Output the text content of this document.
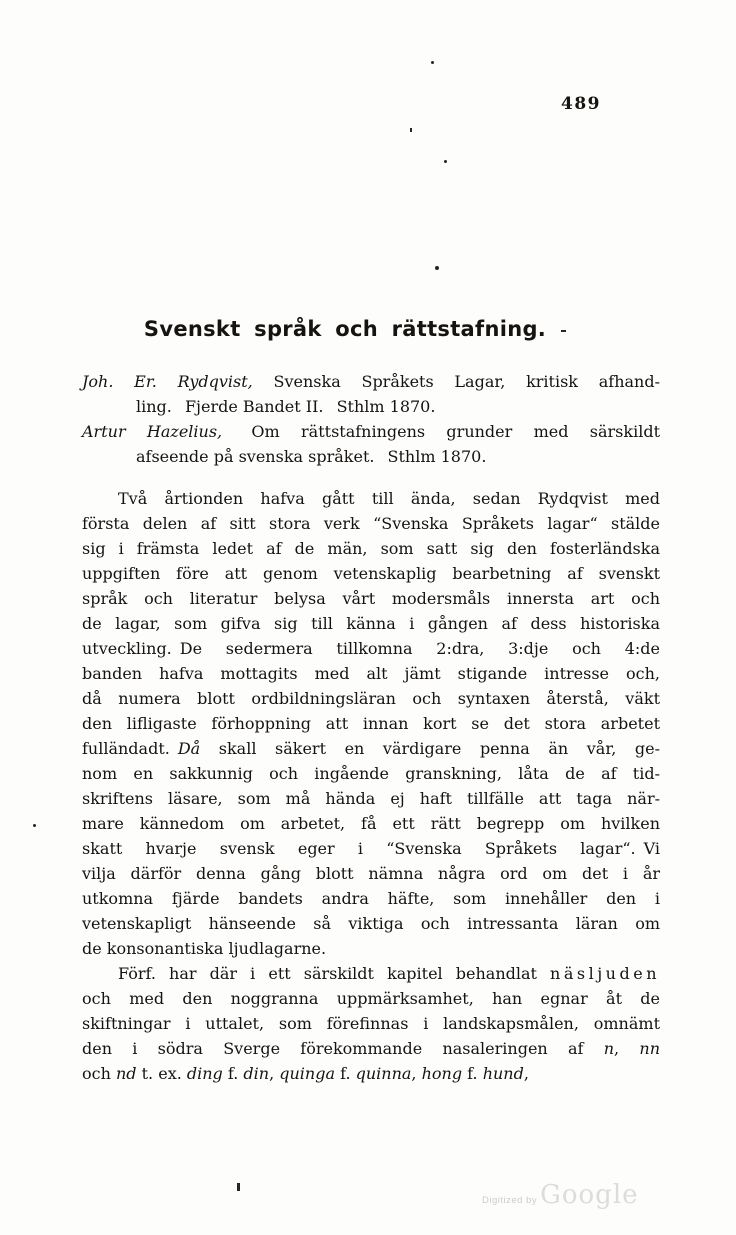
489
Svenskt språk och rättstafning.
Joh. Er. Rydqvist, Svenska Språkets Lagar, kritisk afhand-
ling.  Fjerde Bandet II.  Sthlm 1870.
Artur Hazelius,  Om rättstafningens grunder med särskildt
afseende på svenska språket.  Sthlm 1870.
Två årtionden hafva gått till ända, sedan Rydqvist med
första delen af sitt stora verk “Svenska Språkets lagar“ stälde
sig i främsta ledet af de män, som satt sig den fosterländska
uppgiften före att genom vetenskaplig bearbetning af svenskt
språk och literatur belysa vårt modersmåls innersta art och
de lagar, som gifva sig till känna i gången af dess historiska
utveckling. De sedermera tillkomna 2:dra, 3:dje och 4:de
banden hafva mottagits med alt jämt stigande intresse och,
då numera blott ordbildningsläran och syntaxen återstå, väkt
den lifligaste förhoppning att innan kort se det stora arbetet
fulländadt. Då skall säkert en värdigare penna än vår, ge-
nom en sakkunnig och ingående granskning, låta de af tid-
skriftens läsare, som må hända ej haft tillfälle att taga när-
mare kännedom om arbetet, få ett rätt begrepp om hvilken
skatt hvarje svensk eger i “Svenska Språkets lagar“. Vi
vilja därför denna gång blott nämna några ord om det i år
utkomna fjärde bandets andra häfte, som innehåller den i
vetenskapligt hänseende så viktiga och intressanta läran om
de konsonantiska ljudlagarne.
Förf. har där i ett särskildt kapitel behandlat näsljuden
och med den noggranna uppmärksamhet, han egnar åt de
skiftningar i uttalet, som förefinnas i landskapsmålen, omnämt
den i södra Sverge förekommande nasaleringen af n, nn
och nd t. ex. ding f. din, quinga f. quinna, hong f. hund,
Digitized by Google
